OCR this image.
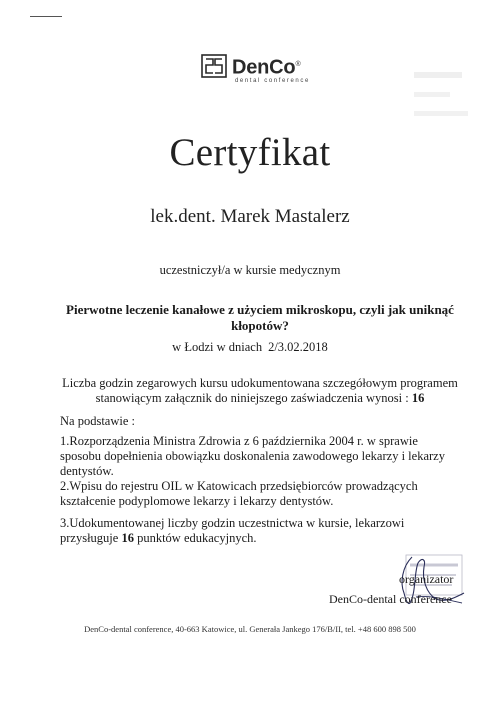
DenCo®
dental conference
Certyfikat
lek.dent. Marek Mastalerz
uczestniczył/a w kursie medycznym
Pierwotne leczenie kanałowe z użyciem mikroskopu, czyli jak uniknąć kłopotów?
w Łodzi w dniach 2/3.02.2018
Liczba godzin zegarowych kursu udokumentowana szczegółowym programem stanowiącym załącznik do niniejszego zaświadczenia wynosi : 16
Na podstawie :
1.Rozporządzenia Ministra Zdrowia z 6 października 2004 r. w sprawie sposobu dopełnienia obowiązku doskonalenia zawodowego lekarzy i lekarzy dentystów.
2.Wpisu do rejestru OIL w Katowicach przedsiębiorców prowadzących kształcenie podyplomowe lekarzy i lekarzy dentystów.
3.Udokumentowanej liczby godzin uczestnictwa w kursie, lekarzowi przysługuje 16 punktów edukacyjnych.
organizator
DenCo-dental conference
DenCo-dental conference, 40-663 Katowice, ul. Generała Jankego 176/B/II, tel. +48 600 898 500
